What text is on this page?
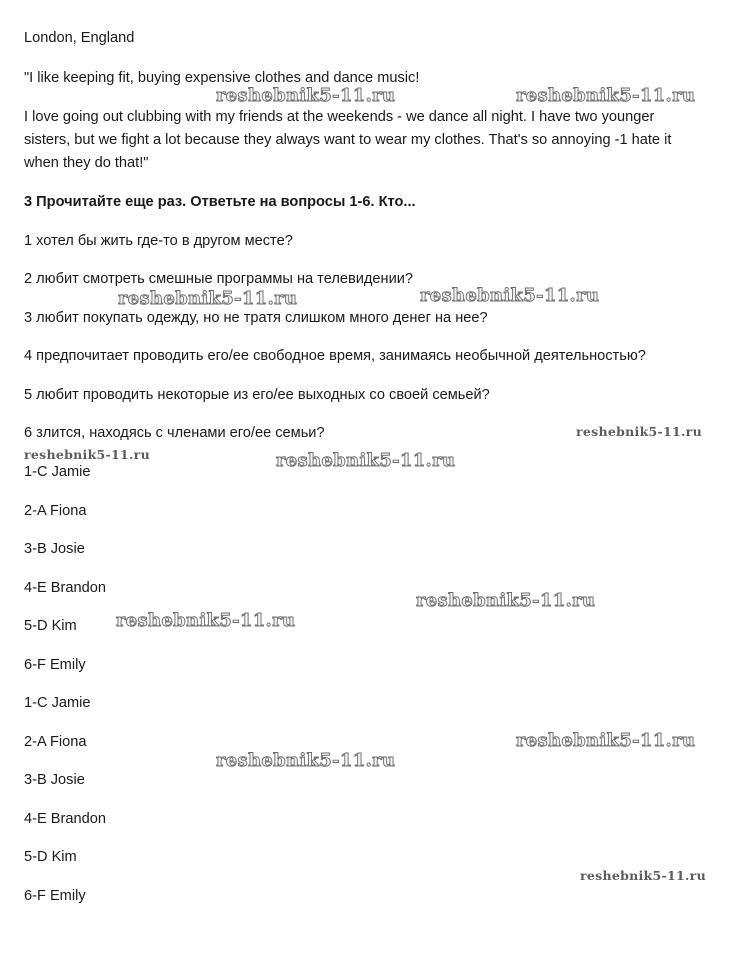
London, England

"I like keeping fit, buying expensive clothes and dance music!

I love going out clubbing with my friends at the weekends - we dance all night. I have two younger

sisters, but we fight a lot because they always want to wear my clothes. That's so annoying -1 hate it

when they do that!"

3 Прочитайте еще раз. Ответьте на вопросы 1-6. Кто...

1 хотел бы жить где-то в другом месте?

2 любит смотреть смешные программы на телевидении?

3 любит покупать одежду, но не тратя слишком много денег на нее?

4 предпочитает проводить его/ее свободное время, занимаясь необычной деятельностью?

5 любит проводить некоторые из его/ее выходных со своей семьей?

6 злится, находясь с членами его/ее семьи?

1-C Jamie

2-A Fiona

3-B Josie

4-E Brandon

5-D Kim

6-F Emily

1-C Jamie

2-A Fiona

3-B Josie

4-E Brandon

5-D Kim

6-F Emily

reshebnik5-11.ru	reshebnik5-11.ru
reshebnik5-11.ru	reshebnik5-11.ru
reshebnik5-11.ru
reshebnik5-11.ru	reshebnik5-11.ru
reshebnik5-11.ru
reshebnik5-11.ru
reshebnik5-11.ru
reshebnik5-11.ru
reshebnik5-11.ru
